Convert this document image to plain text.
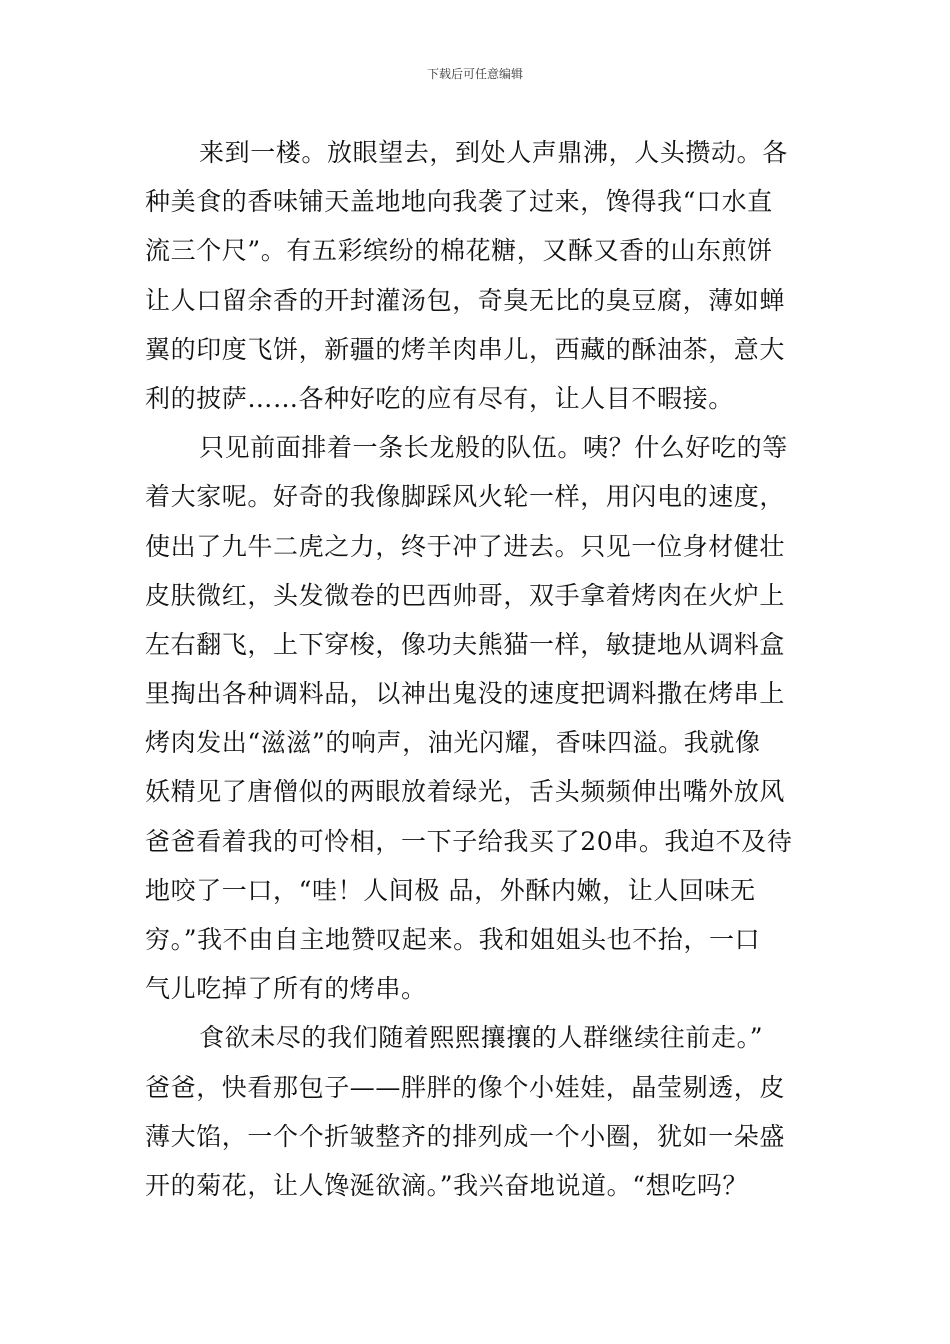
下载后可任意编辑
来到一楼。放眼望去，到处人声鼎沸，人头攒动。各
种美食的香味铺天盖地地向我袭了过来，馋得我“口水直
流三个尺”。有五彩缤纷的棉花糖，又酥又香的山东煎饼
让人口留余香的开封灌汤包，奇臭无比的臭豆腐，薄如蝉
翼的印度飞饼，新疆的烤羊肉串儿，西藏的酥油茶，意大
利的披萨……各种好吃的应有尽有，让人目不暇接。
只见前面排着一条长龙般的队伍。咦？什么好吃的等
着大家呢。好奇的我像脚踩风火轮一样，用闪电的速度，
使出了九牛二虎之力，终于冲了进去。只见一位身材健壮
皮肤微红，头发微卷的巴西帅哥，双手拿着烤肉在火炉上
左右翻飞，上下穿梭，像功夫熊猫一样，敏捷地从调料盒
里掏出各种调料品，以神出鬼没的速度把调料撒在烤串上
烤肉发出“滋滋”的响声，油光闪耀，香味四溢。我就像
妖精见了唐僧似的两眼放着绿光，舌头频频伸出嘴外放风
爸爸看着我的可怜相，一下子给我买了20串。我迫不及待
地咬了一口，“哇！人间极 品，外酥内嫩，让人回味无
穷。”我不由自主地赞叹起来。我和姐姐头也不抬，一口
气儿吃掉了所有的烤串。
食欲未尽的我们随着熙熙攘攘的人群继续往前走。”
爸爸，快看那包子——胖胖的像个小娃娃，晶莹剔透，皮
薄大馅，一个个折皱整齐的排列成一个小圈，犹如一朵盛
开的菊花，让人馋涎欲滴。”我兴奋地说道。“想吃吗？
